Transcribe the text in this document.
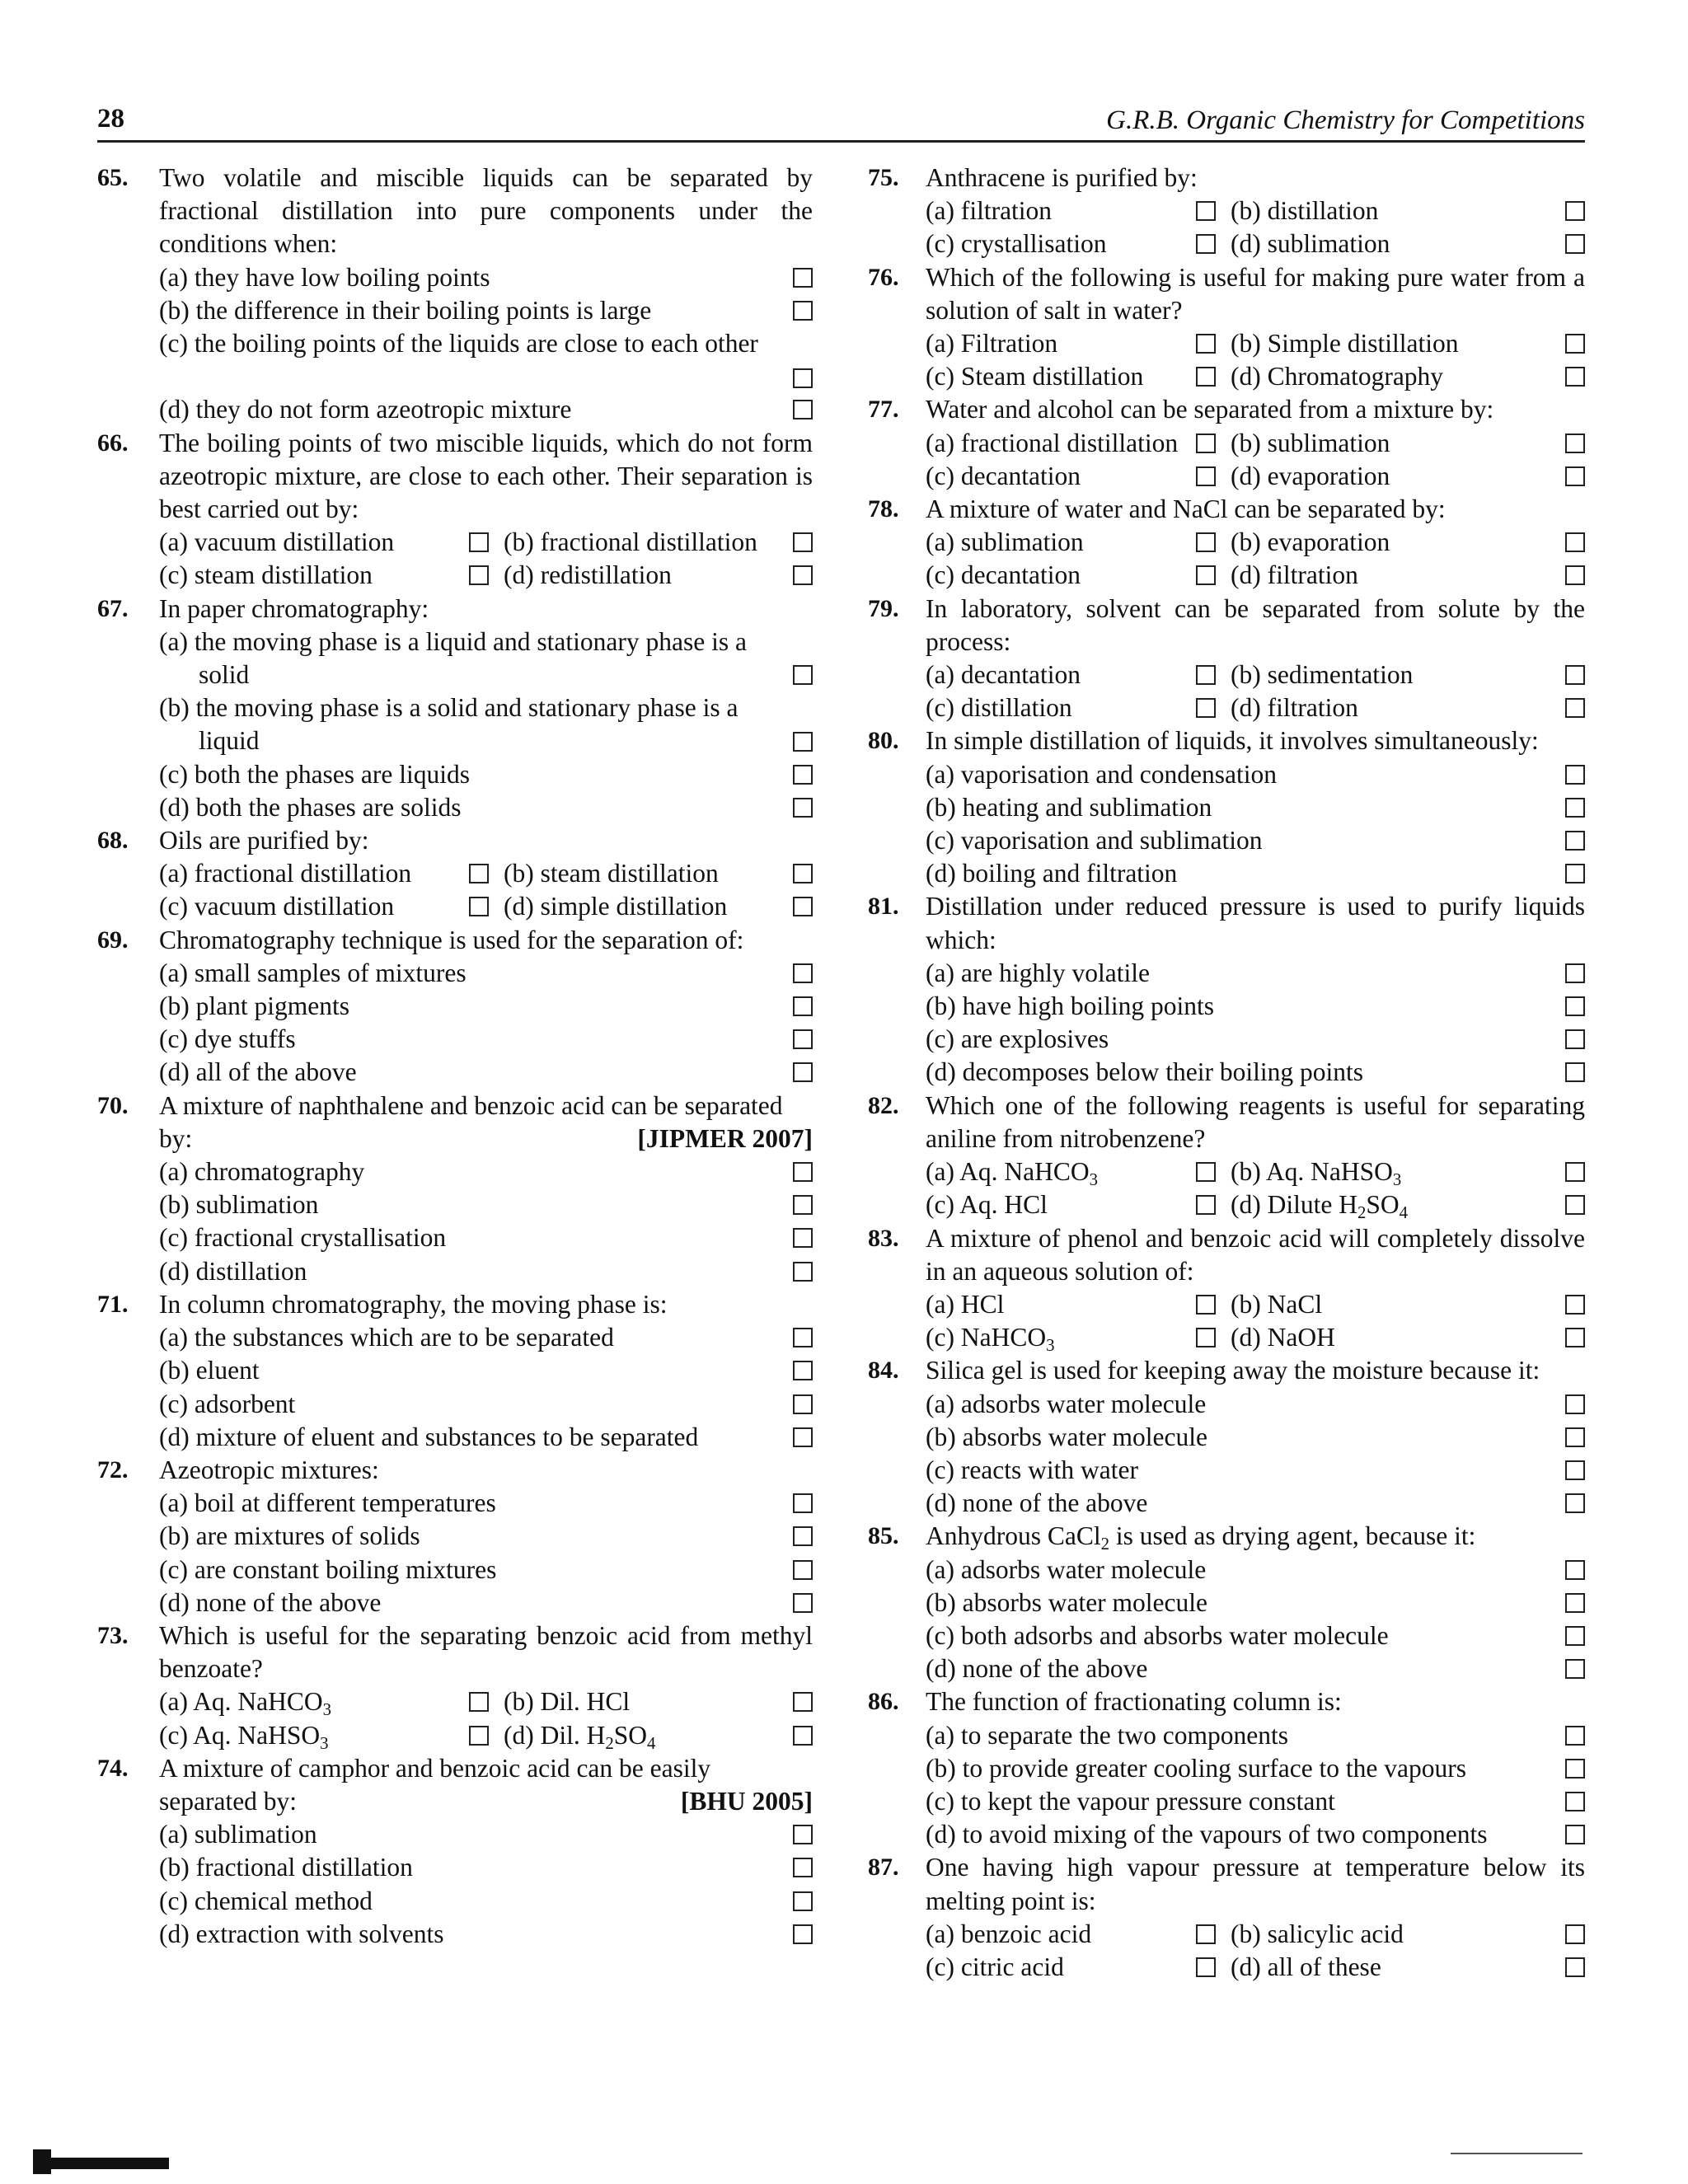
28	G.R.B. Organic Chemistry for Competitions
65.	Two volatile and miscible liquids can be separated by fractional distillation into pure components under the conditions when:
(a) they have low boiling points
(b) the difference in their boiling points is large
(c) the boiling points of the liquids are close to each other
(d) they do not form azeotropic mixture
66.	The boiling points of two miscible liquids, which do not form azeotropic mixture, are close to each other. Their separation is best carried out by:
(a) vacuum distillation	(b) fractional distillation
(c) steam distillation	(d) redistillation
67.	In paper chromatography:
(a) the moving phase is a liquid and stationary phase is a solid
(b) the moving phase is a solid and stationary phase is a liquid
(c) both the phases are liquids
(d) both the phases are solids
68.	Oils are purified by:
(a) fractional distillation	(b) steam distillation
(c) vacuum distillation	(d) simple distillation
69.	Chromatography technique is used for the separation of:
(a) small samples of mixtures
(b) plant pigments
(c) dye stuffs
(d) all of the above
70.	A mixture of naphthalene and benzoic acid can be separated
by:	[JIPMER 2007]
(a) chromatography
(b) sublimation
(c) fractional crystallisation
(d) distillation
71.	In column chromatography, the moving phase is:
(a) the substances which are to be separated
(b) eluent
(c) adsorbent
(d) mixture of eluent and substances to be separated
72.	Azeotropic mixtures:
(a) boil at different temperatures
(b) are mixtures of solids
(c) are constant boiling mixtures
(d) none of the above
73.	Which is useful for the separating benzoic acid from methyl benzoate?
(a) Aq. NaHCO$_3$	(b) Dil. HCl
(c) Aq. NaHSO$_3$	(d) Dil. $H_2SO_4$
74.	A mixture of camphor and benzoic acid can be easily
separated by:	[BHU 2005]
(a) sublimation
(b) fractional distillation
(c) chemical method
(d) extraction with solvents
75.	Anthracene is purified by:
(a) filtration	(b) distillation
(c) crystallisation	(d) sublimation
76.	Which of the following is useful for making pure water from a solution of salt in water?
(a) Filtration	(b) Simple distillation
(c) Steam distillation	(d) Chromatography
77.	Water and alcohol can be separated from a mixture by:
(a) fractional distillation	(b) sublimation
(c) decantation	(d) evaporation
78.	A mixture of water and NaCl can be separated by:
(a) sublimation	(b) evaporation
(c) decantation	(d) filtration
79.	In laboratory, solvent can be separated from solute by the process:
(a) decantation	(b) sedimentation
(c) distillation	(d) filtration
80.	In simple distillation of liquids, it involves simultaneously:
(a) vaporisation and condensation
(b) heating and sublimation
(c) vaporisation and sublimation
(d) boiling and filtration
81.	Distillation under reduced pressure is used to purify liquids which:
(a) are highly volatile
(b) have high boiling points
(c) are explosives
(d) decomposes below their boiling points
82.	Which one of the following reagents is useful for separating aniline from nitrobenzene?
(a) Aq. NaHCO$_3$	(b) Aq. NaHSO$_3$
(c) Aq. HCl	(d) Dilute $H_2SO_4$
83.	A mixture of phenol and benzoic acid will completely dissolve in an aqueous solution of:
(a) HCl	(b) NaCl
(c) NaHCO$_3$	(d) NaOH
84.	Silica gel is used for keeping away the moisture because it:
(a) adsorbs water molecule
(b) absorbs water molecule
(c) reacts with water
(d) none of the above
85.	Anhydrous CaCl$_2$ is used as drying agent, because it:
(a) adsorbs water molecule
(b) absorbs water molecule
(c) both adsorbs and absorbs water molecule
(d) none of the above
86.	The function of fractionating column is:
(a) to separate the two components
(b) to provide greater cooling surface to the vapours
(c) to kept the vapour pressure constant
(d) to avoid mixing of the vapours of two components
87.	One having high vapour pressure at temperature below its melting point is:
(a) benzoic acid	(b) salicylic acid
(c) citric acid	(d) all of these
